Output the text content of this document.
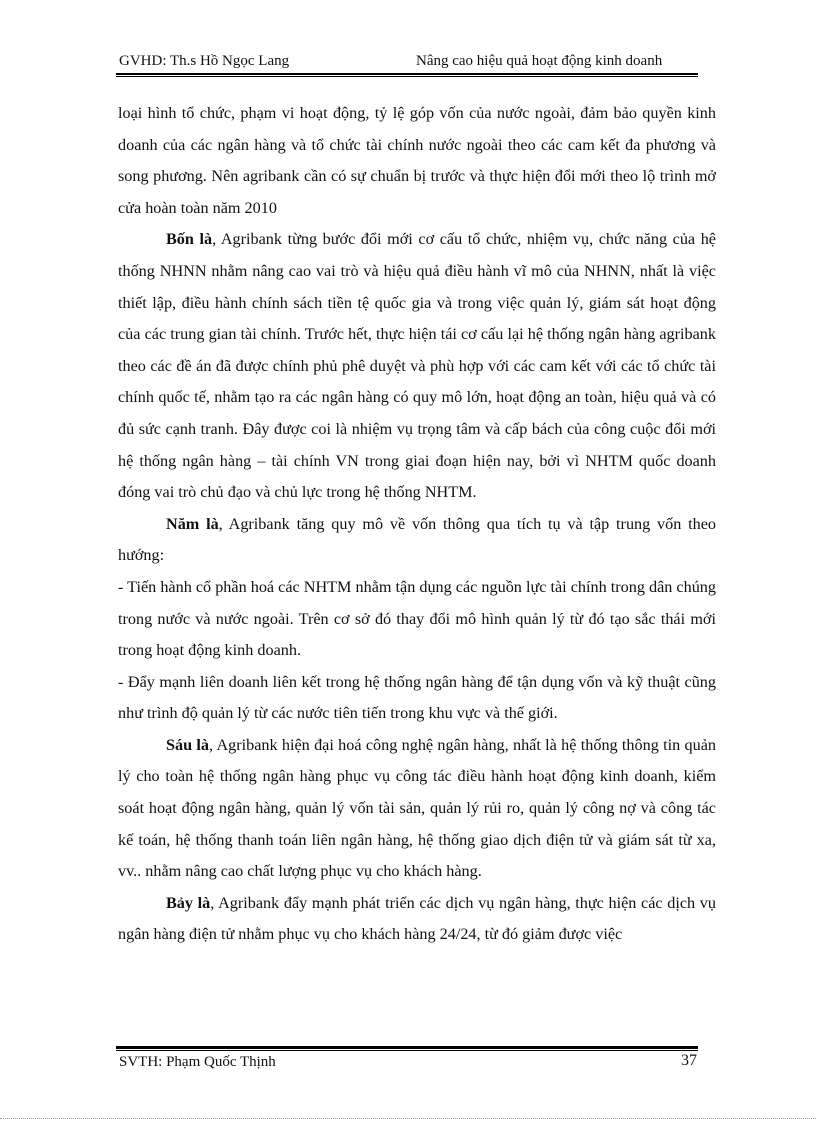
GVHD: Th.s Hồ Ngọc Lang	Nâng cao hiệu quả hoạt động kinh doanh

loại hình tổ chức, phạm vi hoạt động, tỷ lệ góp vốn của nước ngoài, đảm bảo quyền kinh doanh của các ngân hàng và tổ chức tài chính nước ngoài theo các cam kết đa phương và song phương. Nên agribank cần có sự chuẩn bị trước và thực hiện đổi mới theo lộ trình mở cửa hoàn toàn năm 2010

Bốn là, Agribank từng bước đổi mới cơ cấu tổ chức, nhiệm vụ, chức năng của hệ thống NHNN nhằm nâng cao vai trò và hiệu quả điều hành vĩ mô của NHNN, nhất là việc thiết lập, điều hành chính sách tiền tệ quốc gia và trong việc quản lý, giám sát hoạt động của các trung gian tài chính. Trước hết, thực hiện tái cơ cấu lại hệ thống ngân hàng agribank theo các đề án đã được chính phủ phê duyệt và phù hợp với các cam kết với các tổ chức tài chính quốc tế, nhằm tạo ra các ngân hàng có quy mô lớn, hoạt động an toàn, hiệu quả và có đủ sức cạnh tranh. Đây được coi là nhiệm vụ trọng tâm và cấp bách của công cuộc đổi mới hệ thống ngân hàng – tài chính VN trong giai đoạn hiện nay, bởi vì NHTM quốc doanh đóng vai trò chủ đạo và chủ lực trong hệ thống NHTM.

Năm là, Agribank tăng quy mô về vốn thông qua tích tụ và tập trung vốn theo hướng:

- Tiến hành cổ phần hoá các NHTM nhằm tận dụng các nguồn lực tài chính trong dân chúng trong nước và nước ngoài. Trên cơ sở đó thay đổi mô hình quản lý từ đó tạo sắc thái mới trong hoạt động kinh doanh.

- Đẩy mạnh liên doanh liên kết trong hệ thống ngân hàng để tận dụng vốn và kỹ thuật cũng như trình độ quản lý từ các nước tiên tiến trong khu vực và thế giới.

Sáu là, Agribank hiện đại hoá công nghệ ngân hàng, nhất là hệ thống thông tin quản lý cho toàn hệ thống ngân hàng phục vụ công tác điều hành hoạt động kinh doanh, kiểm soát hoạt động ngân hàng, quản lý vốn tài sản, quản lý rủi ro, quản lý công nợ và công tác kế toán, hệ thống thanh toán liên ngân hàng, hệ thống giao dịch điện tử và giám sát từ xa, vv.. nhằm nâng cao chất lượng phục vụ cho khách hàng.

Bảy là, Agribank đẩy mạnh phát triển các dịch vụ ngân hàng, thực hiện các dịch vụ ngân hàng điện tử nhằm phục vụ cho khách hàng 24/24, từ đó giảm được việc

SVTH: Phạm Quốc Thịnh	37
